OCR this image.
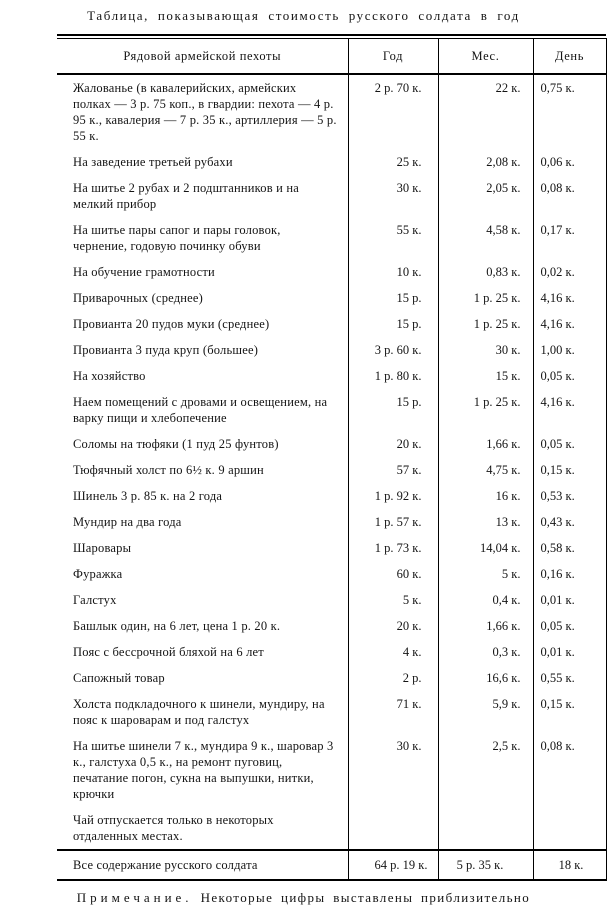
Таблица, показывающая стоимость русского солдата в год
Рядовой армейской пехоты	Год	Мес.	День
Жалованье (в кавалерийских, армейских полках — 3 р. 75 коп., в гвардии: пехота — 4 р. 95 к., кавалерия — 7 р. 35 к., артиллерия — 5 р. 55 к.	2 р. 70 к.	22 к.	0,75 к.
На заведение третьей рубахи	25 к.	2,08 к.	0,06 к.
На шитье 2 рубах и 2 подштанников и на мелкий прибор	30 к.	2,05 к.	0,08 к.
На шитье пары сапог и пары головок, чернение, годовую починку обуви	55 к.	4,58 к.	0,17 к.
На обучение грамотности	10 к.	0,83 к.	0,02 к.
Приварочных (среднее)	15 р.	1 р. 25 к.	4,16 к.
Провианта 20 пудов муки (среднее)	15 р.	1 р. 25 к.	4,16 к.
Провианта 3 пуда круп (большее)	3 р. 60 к.	30 к.	1,00 к.
На хозяйство	1 р. 80 к.	15 к.	0,05 к.
Наем помещений с дровами и освещением, на варку пищи и хлебопечение	15 р.	1 р. 25 к.	4,16 к.
Соломы на тюфяки (1 пуд 25 фунтов)	20 к.	1,66 к.	0,05 к.
Тюфячный холст по 6½ к. 9 аршин	57 к.	4,75 к.	0,15 к.
Шинель 3 р. 85 к. на 2 года	1 р. 92 к.	16 к.	0,53 к.
Мундир на два года	1 р. 57 к.	13 к.	0,43 к.
Шаровары	1 р. 73 к.	14,04 к.	0,58 к.
Фуражка	60 к.	5 к.	0,16 к.
Галстух	5 к.	0,4 к.	0,01 к.
Башлык один, на 6 лет, цена 1 р. 20 к.	20 к.	1,66 к.	0,05 к.
Пояс с бессрочной бляхой на 6 лет	4 к.	0,3 к.	0,01 к.
Сапожный товар	2 р.	16,6 к.	0,55 к.
Холста подкладочного к шинели, мундиру, на пояс к шароварам и под галстух	71 к.	5,9 к.	0,15 к.
На шитье шинели 7 к., мундира 9 к., шаровар 3 к., галстуха 0,5 к., на ремонт пуговиц, печатание погон, сукна на выпушки, нитки, крючки	30 к.	2,5 к.	0,08 к.
Чай отпускается только в некоторых отдаленных местах.			
Все содержание русского солдата	64 р. 19 к.	5 р. 35 к.	18 к.
Примечание. Некоторые цифры выставлены приблизительно
